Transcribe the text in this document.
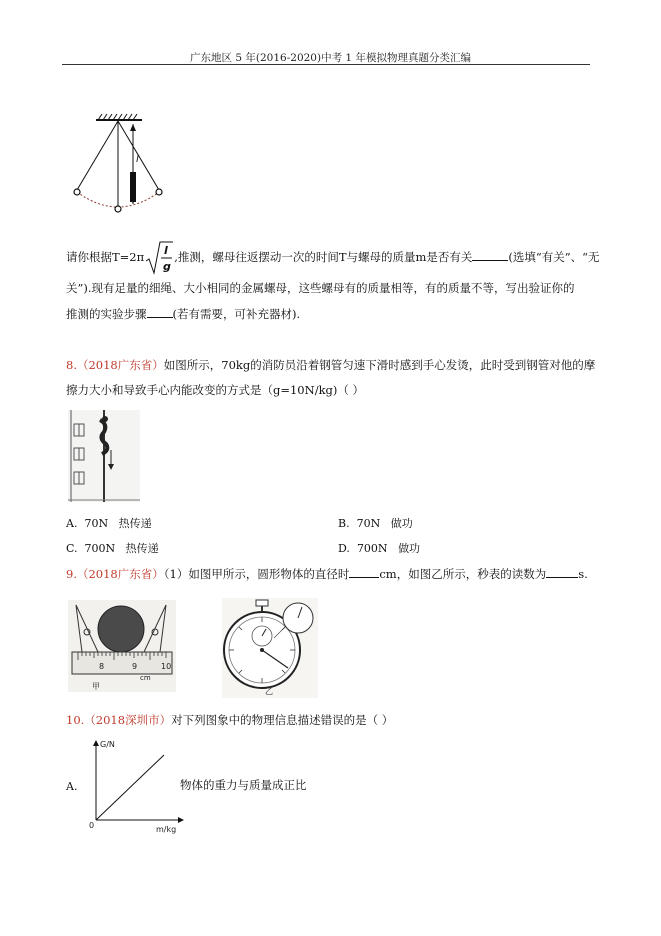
广东地区 5 年(2016-2020)中考 1 年模拟物理真题分类汇编
l
请你根据T=2π l
g
,推测，螺母往返摆动一次的时间T与螺母的质量m是否有关	(选填“有关”、“无
关”).现有足量的细绳、大小相同的金属螺母，这些螺母有的质量相等，有的质量不等，写出验证你的
推测的实验步骤 (若有需要，可补充器材).
8.（2018广东省）如图所示，70kg的消防员沿着钢管匀速下滑时感到手心发烫，此时受到钢管对他的摩
擦力大小和导致手心内能改变的方式是（g=10N/kg)（ ）
A. 70N 热传递	B. 70N 做功
C. 700N 热传递	D. 700N 做功
9.（2018广东省）（1）如图甲所示，圆形物体的直径时	cm，如图乙所示，秒表的读数为	s.
8	9	10
cm
甲
乙
10.（2018深圳市）对下列图象中的物理信息描述错误的是（ ）
G/N
m/kg
0
A.	物体的重力与质量成正比
